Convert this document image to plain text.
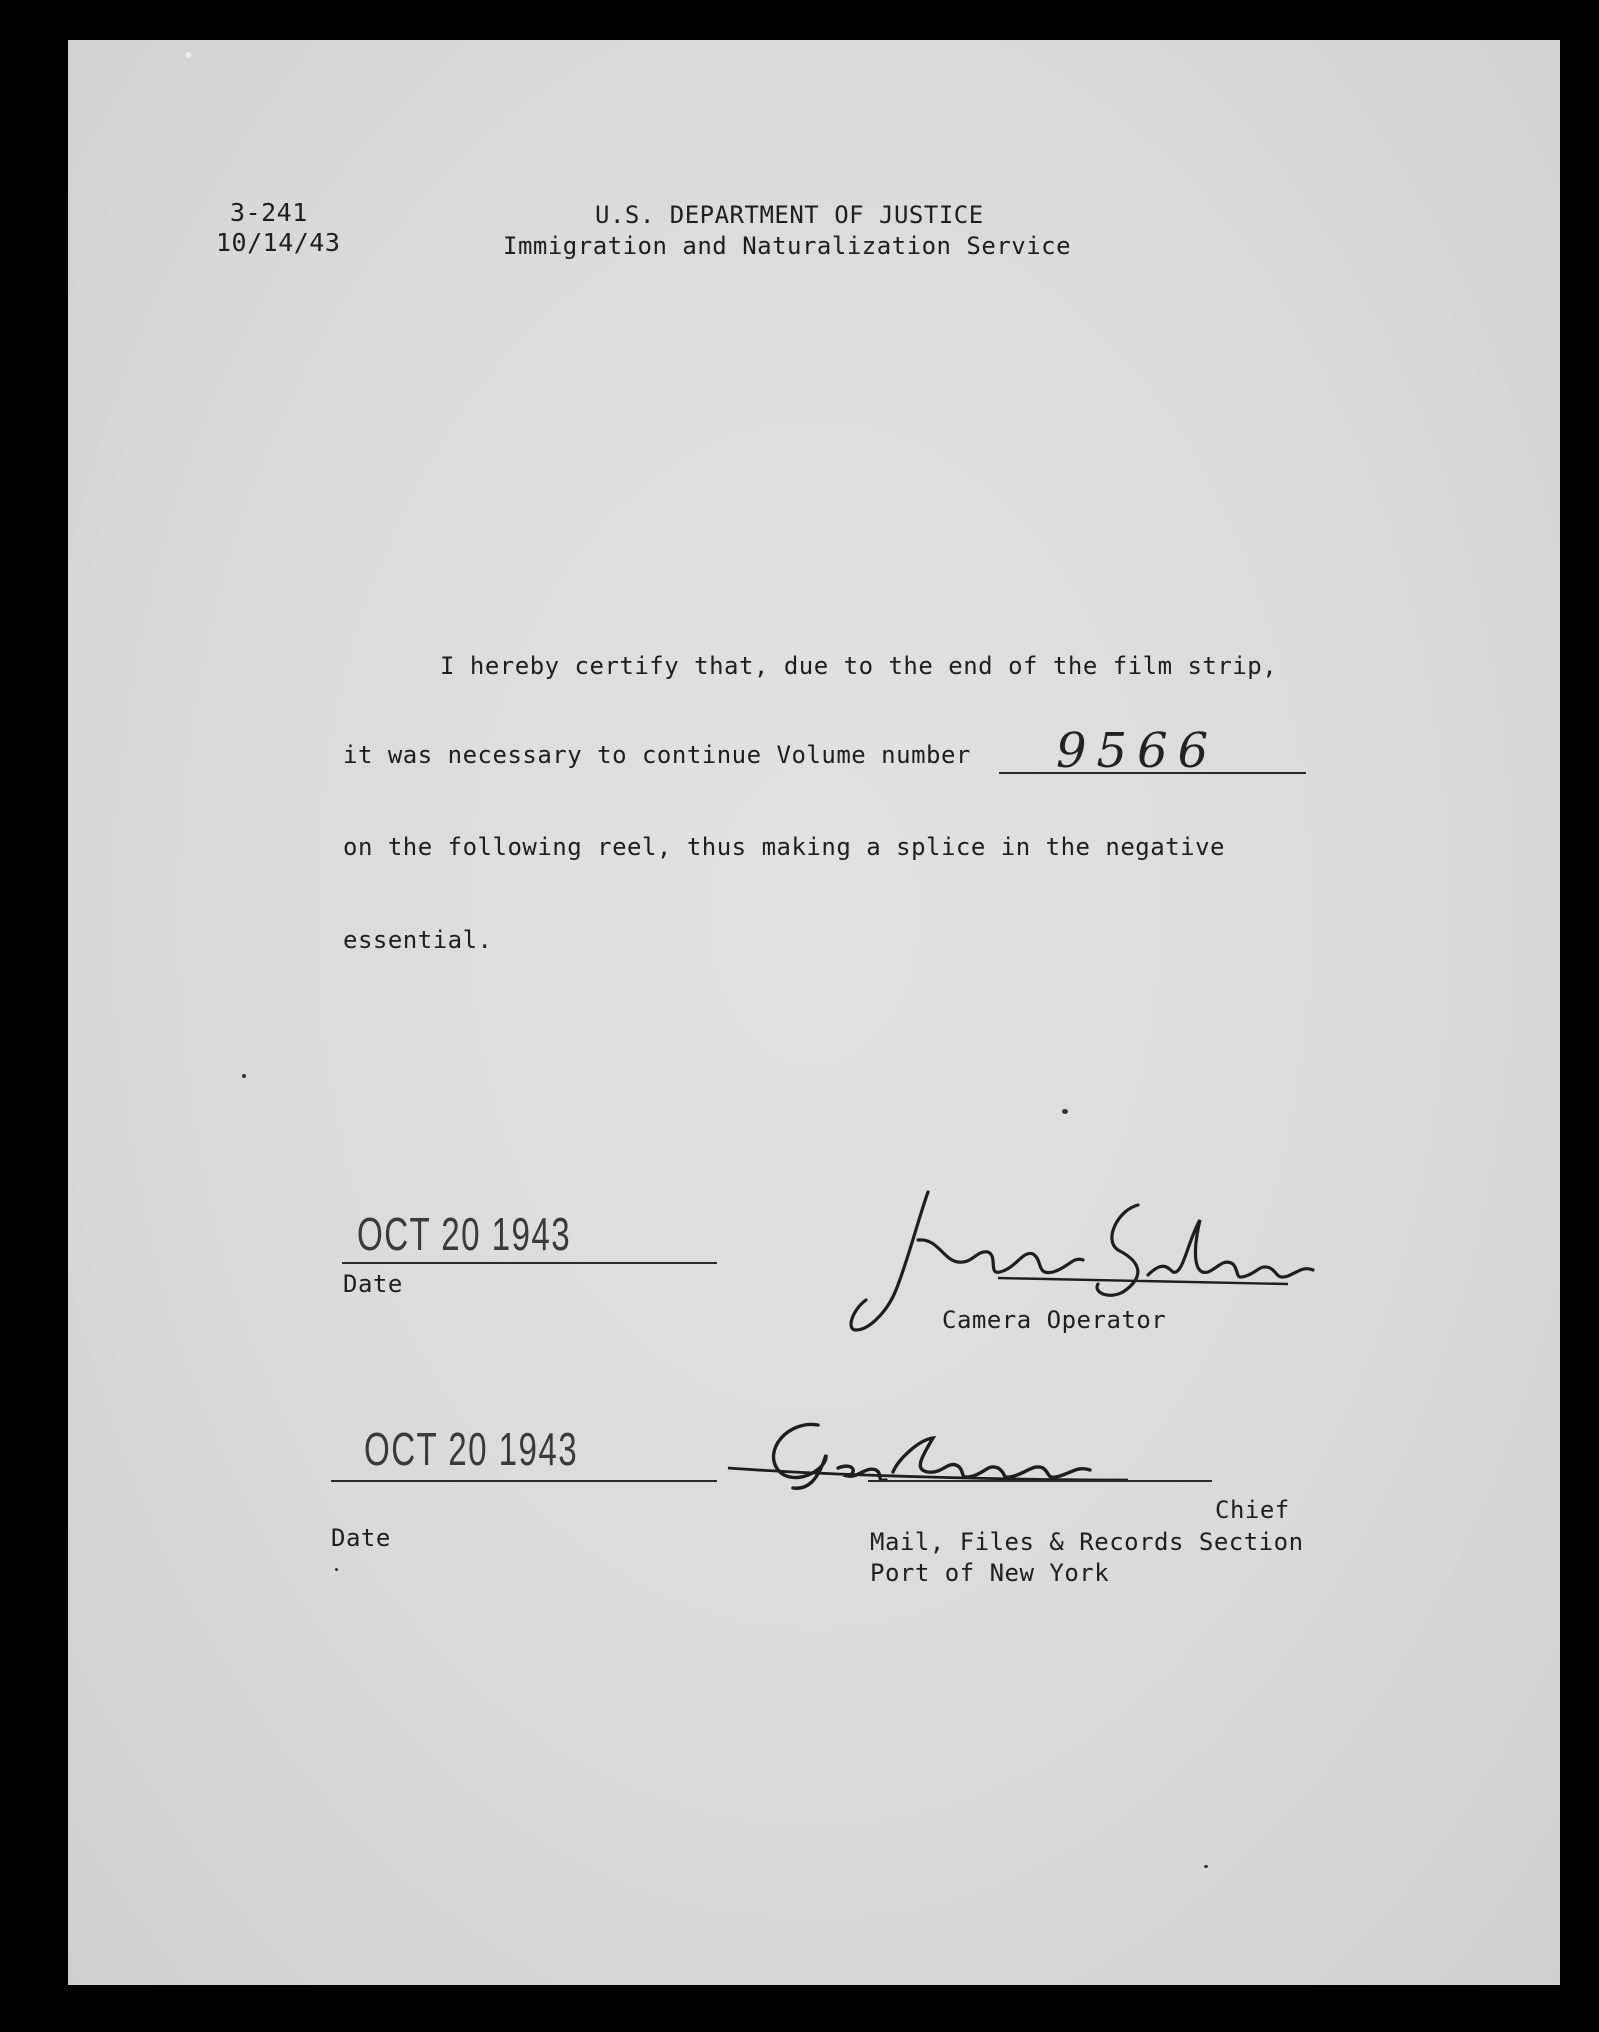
3-241
10/14/43
U.S. DEPARTMENT OF JUSTICE
Immigration and Naturalization Service
I hereby certify that, due to the end of the film strip,
it was necessary to continue Volume number 9566
on the following reel, thus making a splice in the negative
essential.
OCT 20 1943
Date
Camera Operator
OCT 20 1943
Date
Chief
Mail, Files & Records Section
Port of New York
